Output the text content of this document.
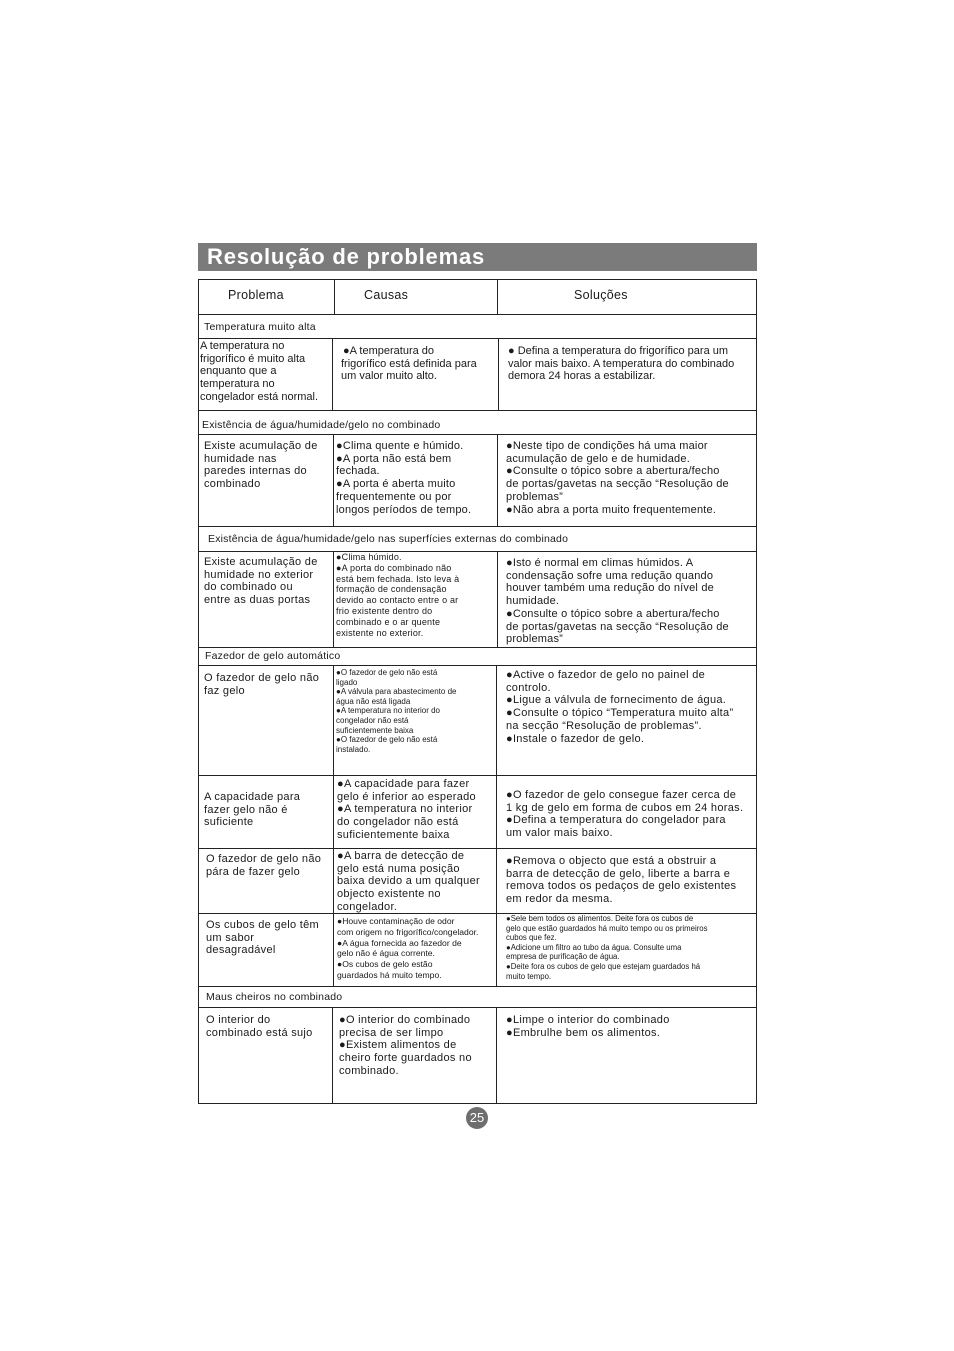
Resolução de problemas
Problema	Causas	Soluções
Temperatura muito alta
A temperatura no
frigorífico é muito alta
enquanto que a
temperatura no
congelador está normal.
●A temperatura do
frigorífico está definida para
um valor muito alto.
● Defina a temperatura do frigorífico para um
valor mais baixo. A temperatura do combinado
demora 24 horas a estabilizar.
Existência de água/humidade/gelo no combinado
Existe acumulação de
humidade nas
paredes internas do
combinado
●Clima quente e húmido.
●A porta não está bem
fechada.
●A porta é aberta muito
frequentemente ou por
longos períodos de tempo.
●Neste tipo de condições há uma maior
acumulação de gelo e de humidade.
●Consulte o tópico sobre a abertura/fecho
de portas/gavetas na secção “Resolução de
problemas”
●Não abra a porta muito frequentemente.
Existência de água/humidade/gelo nas superfícies externas do combinado
Existe acumulação de
humidade no exterior
do combinado ou
entre as duas portas
●Clima húmido.
●A porta do combinado não
está bem fechada. Isto leva à
formação de condensação
devido ao contacto entre o ar
frio existente dentro do
combinado e o ar quente
existente no exterior.
●Isto é normal em climas húmidos. A
condensação sofre uma redução quando
houver também uma redução do nível de
humidade.
●Consulte o tópico sobre a abertura/fecho
de portas/gavetas na secção “Resolução de
problemas”
Fazedor de gelo automático
O fazedor de gelo não
faz gelo
●O fazedor de gelo não está
ligado
●A válvula para abastecimento de
água não está ligada
●A temperatura no interior do
congelador não está
suficientemente baixa
●O fazedor de gelo não está
instalado.
●Active o fazedor de gelo no painel de
controlo.
●Ligue a válvula de fornecimento de água.
●Consulte o tópico “Temperatura muito alta”
na secção “Resolução de problemas”.
●Instale o fazedor de gelo.
A capacidade para
fazer gelo não é
suficiente
●A capacidade para fazer
gelo é inferior ao esperado
●A temperatura no interior
do congelador não está
suficientemente baixa
●O fazedor de gelo consegue fazer cerca de
1 kg de gelo em forma de cubos em 24 horas.
●Defina a temperatura do congelador para
um valor mais baixo.
O fazedor de gelo não
pára de fazer gelo
●A barra de detecção de
gelo está numa posição
baixa devido a um qualquer
objecto existente no
congelador.
●Remova o objecto que está a obstruir a
barra de detecção de gelo, liberte a barra e
remova todos os pedaços de gelo existentes
em redor da mesma.
Os cubos de gelo têm
um sabor
desagradável
●Houve contaminação de odor
com origem no frigorífico/congelador.
●A água fornecida ao fazedor de
gelo não é água corrente.
●Os cubos de gelo estão
guardados há muito tempo.
●Sele bem todos os alimentos. Deite fora os cubos de
gelo que estão guardados há muito tempo ou os primeiros
cubos que fez.
●Adicione um filtro ao tubo da água. Consulte uma
empresa de purificação de água.
●Deite fora os cubos de gelo que estejam guardados há
muito tempo.
Maus cheiros no combinado
O interior do
combinado está sujo
●O interior do combinado
precisa de ser limpo
●Existem alimentos de
cheiro forte guardados no
combinado.
●Limpe o interior do combinado
●Embrulhe bem os alimentos.
25
